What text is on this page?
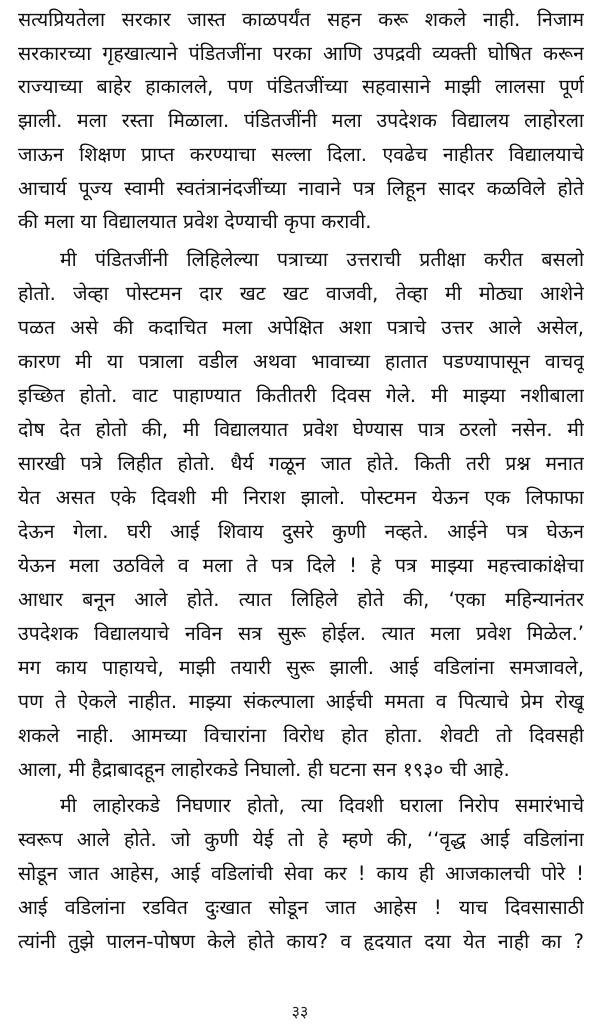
सत्यप्रियतेला सरकार जास्त काळपर्यंत सहन करू शकले नाही. निजाम
सरकारच्या गृहखात्याने पंडितजींना परका आणि उपद्रवी व्यक्ती घोषित करून
राज्याच्या बाहेर हाकालले, पण पंडितजींच्या सहवासाने माझी लालसा पूर्ण
झाली. मला रस्ता मिळाला. पंडितजींनी मला उपदेशक विद्यालय लाहोरला
जाऊन शिक्षण प्राप्त करण्याचा सल्ला दिला. एवढेच नाहीतर विद्यालयाचे
आचार्य पूज्य स्वामी स्वतंत्रानंदजींच्या नावाने पत्र लिहून सादर कळविले होते
की मला या विद्यालयात प्रवेश देण्याची कृपा करावी.
मी पंडितजींनी लिहिलेल्या पत्राच्या उत्तराची प्रतीक्षा करीत बसलो
होतो. जेव्हा पोस्टमन दार खट खट वाजवी, तेव्हा मी मोठ्या आशेने
पळत असे की कदाचित मला अपेक्षित अशा पत्राचे उत्तर आले असेल,
कारण मी या पत्राला वडील अथवा भावाच्या हातात पडण्यापासून वाचवू
इच्छित होतो. वाट पाहाण्यात कितीतरी दिवस गेले. मी माझ्या नशीबाला
दोष देत होतो की, मी विद्यालयात प्रवेश घेण्यास पात्र ठरलो नसेन. मी
सारखी पत्रे लिहीत होतो. धैर्य गळून जात होते. किती तरी प्रश्न मनात
येत असत एके दिवशी मी निराश झालो. पोस्टमन येऊन एक लिफाफा
देऊन गेला. घरी आई शिवाय दुसरे कुणी नव्हते. आईने पत्र घेऊन
येऊन मला उठविले व मला ते पत्र दिले ! हे पत्र माझ्या महत्त्वाकांक्षेचा
आधार बनून आले होते. त्यात लिहिले होते की, ‘एका महिन्यानंतर
उपदेशक विद्यालयाचे नविन सत्र सुरू होईल. त्यात मला प्रवेश मिळेल.’
मग काय पाहायचे, माझी तयारी सुरू झाली. आई वडिलांना समजावले,
पण ते ऐकले नाहीत. माझ्या संकल्पाला आईची ममता व पित्याचे प्रेम रोखू
शकले नाही. आमच्या विचारांना विरोध होत होता. शेवटी तो दिवसही
आला, मी हैद्राबादहून लाहोरकडे निघालो. ही घटना सन १९३० ची आहे.
मी लाहोरकडे निघणार होतो, त्या दिवशी घराला निरोप समारंभाचे
स्वरूप आले होते. जो कुणी येई तो हे म्हणे की, ‘‘वृद्ध आई वडिलांना
सोडून जात आहेस, आई वडिलांची सेवा कर ! काय ही आजकालची पोरे !
आई वडिलांना रडवित दुःखात सोडून जात आहेस ! याच दिवसासाठी
त्यांनी तुझे पालन-पोषण केले होते काय? व हृदयात दया येत नाही का ?
३३
